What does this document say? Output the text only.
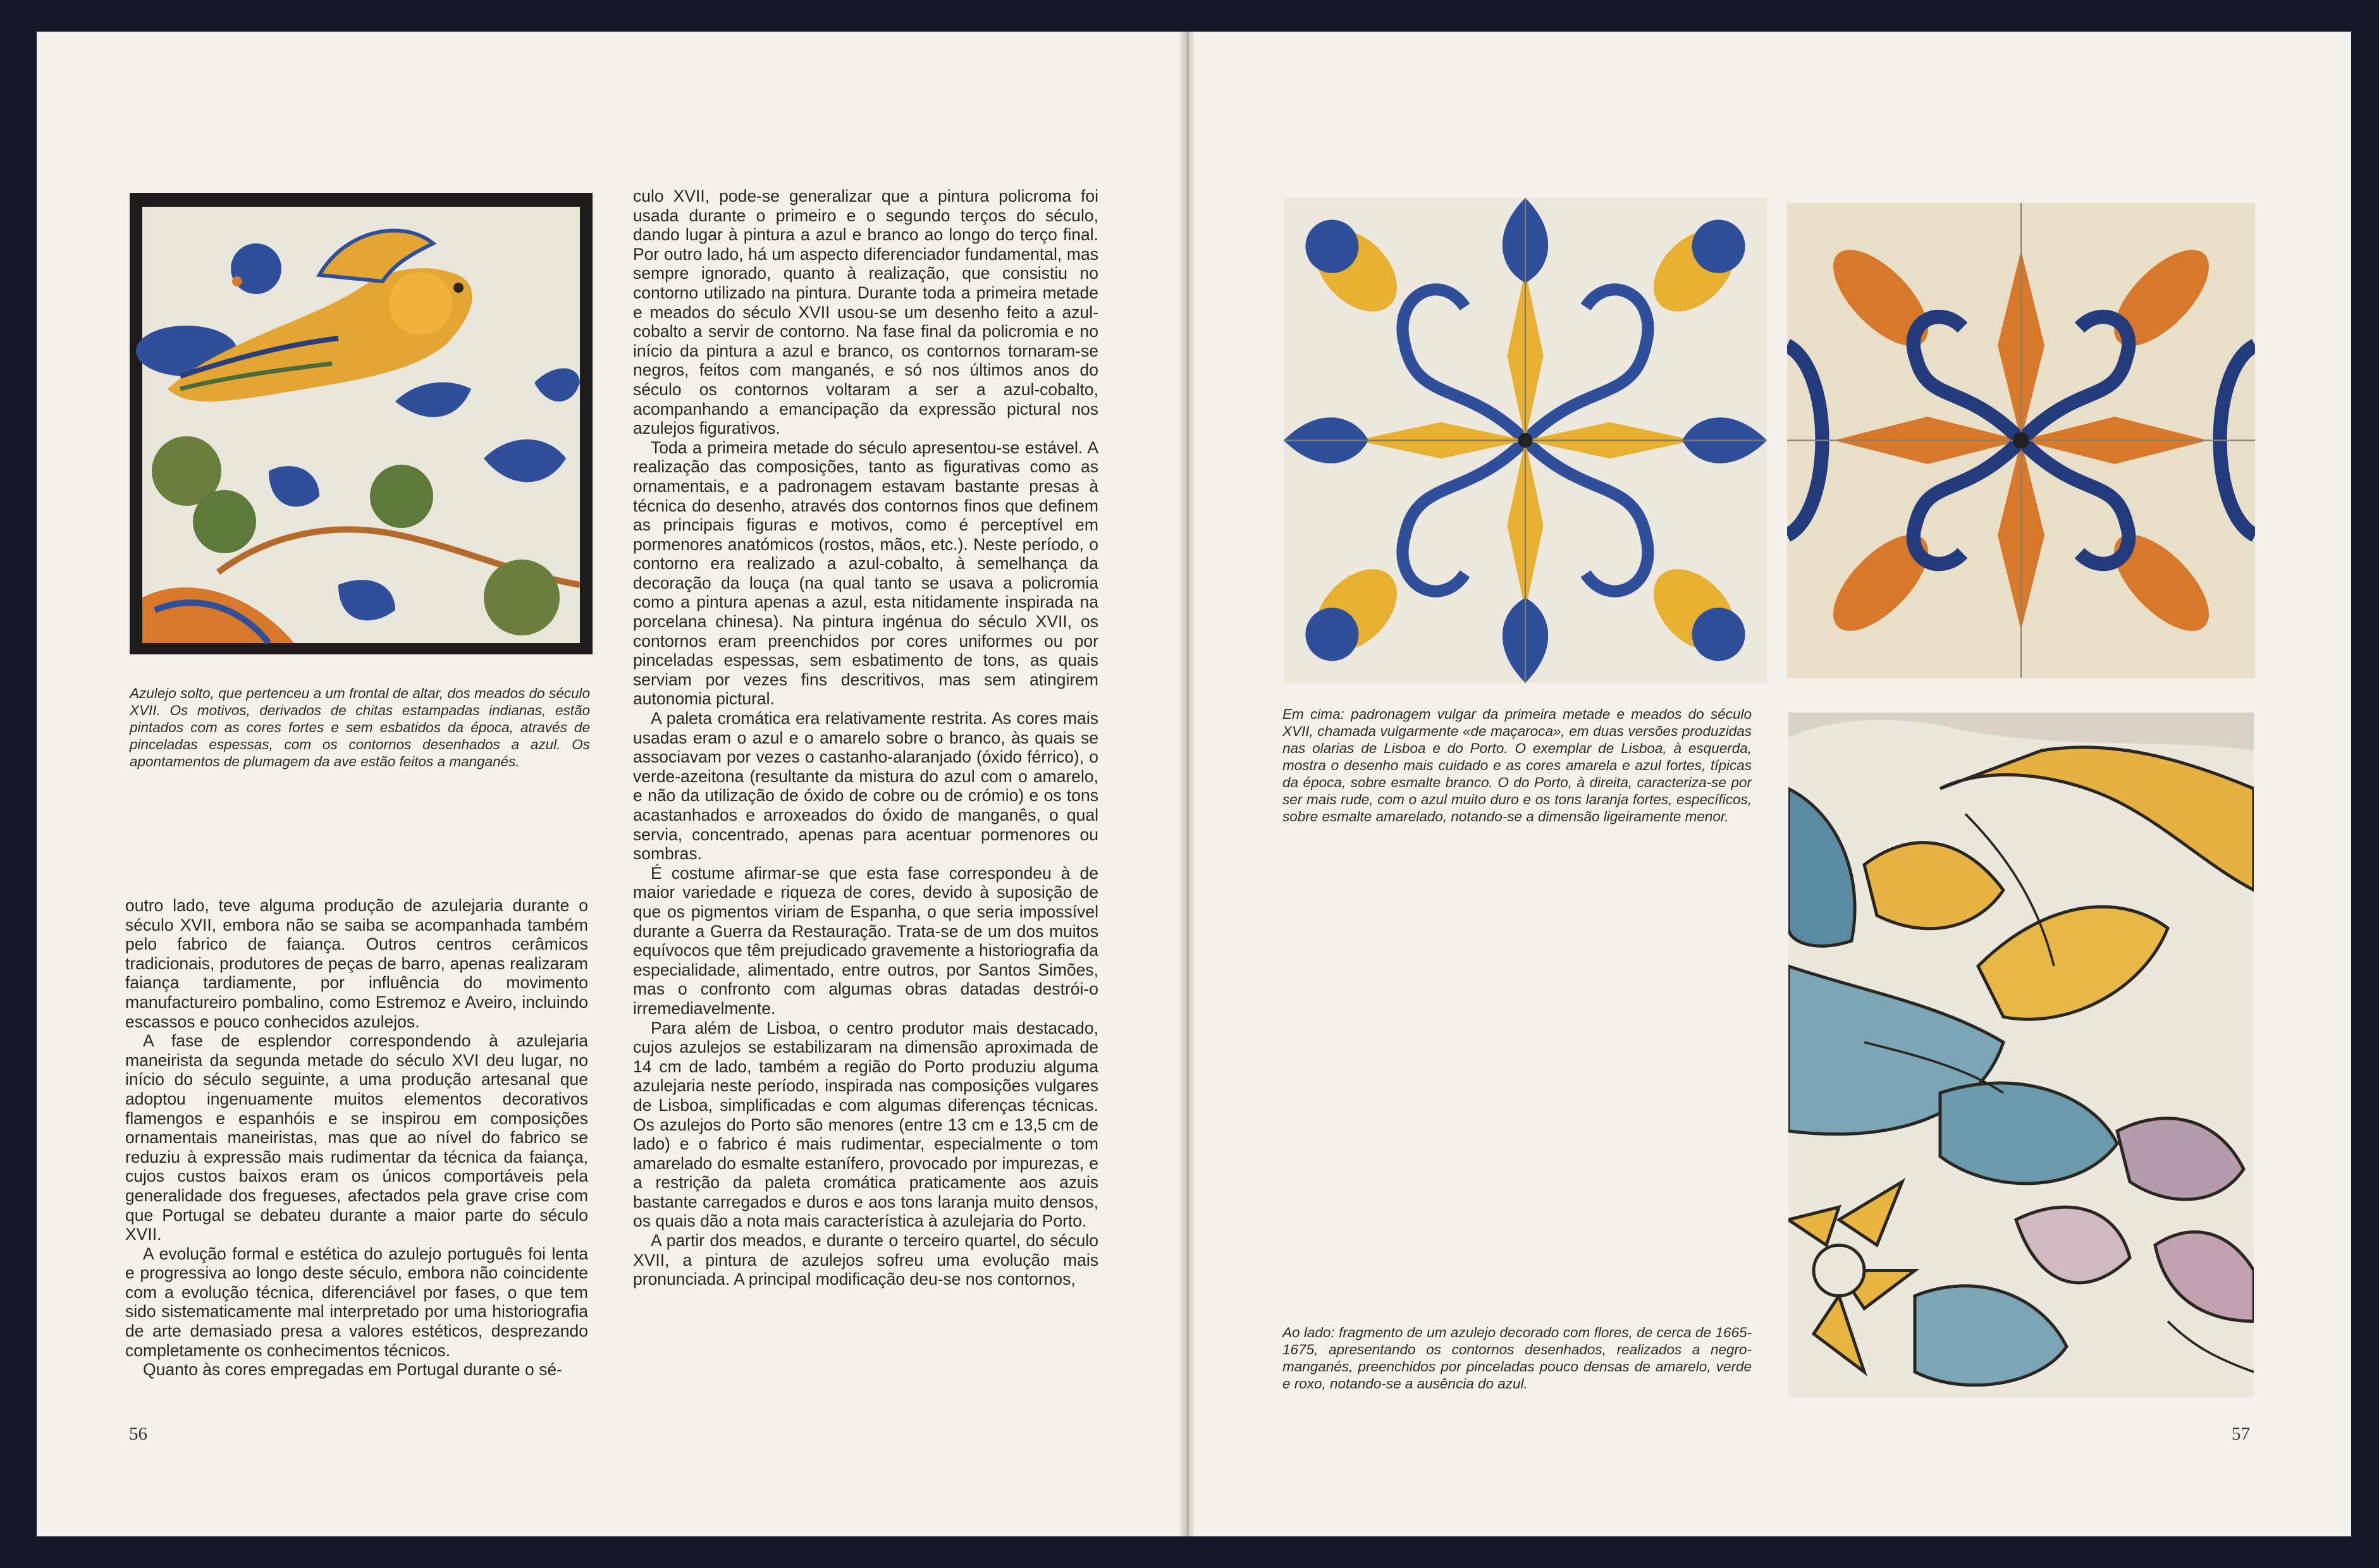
Azulejo solto, que pertenceu a um frontal de altar, dos meados do século XVII. Os motivos, derivados de chitas estampadas indianas, estão pintados com as cores fortes e sem esbatidos da época, através de pinceladas espessas, com os contornos desenhados a azul. Os apontamentos de plumagem da ave estão feitos a manganés.

outro lado, teve alguma produção de azulejaria durante o século XVII, embora não se saiba se acompanhada também pelo fabrico de faiança. Outros centros cerâmicos tradicionais, produtores de peças de barro, apenas realizaram faiança tardiamente, por influência do movimento manufactureiro pombalino, como Estremoz e Aveiro, incluindo escassos e pouco conhecidos azulejos.

A fase de esplendor correspondendo à azulejaria maneirista da segunda metade do século XVI deu lugar, no início do século seguinte, a uma produção artesanal que adoptou ingenuamente muitos elementos decorativos flamengos e espanhóis e se inspirou em composições ornamentais maneiristas, mas que ao nível do fabrico se reduziu à expressão mais rudimentar da técnica da faiança, cujos custos baixos eram os únicos comportáveis pela generalidade dos fregueses, afectados pela grave crise com que Portugal se debateu durante a maior parte do século XVII.

A evolução formal e estética do azulejo português foi lenta e progressiva ao longo deste século, embora não coincidente com a evolução técnica, diferenciável por fases, o que tem sido sistematicamente mal interpretado por uma historiografia de arte demasiado presa a valores estéticos, desprezando completamente os conhecimentos técnicos.

Quanto às cores empregadas em Portugal durante o sé-

culo XVII, pode-se generalizar que a pintura policroma foi usada durante o primeiro e o segundo terços do século, dando lugar à pintura a azul e branco ao longo do terço final. Por outro lado, há um aspecto diferenciador fundamental, mas sempre ignorado, quanto à realização, que consistiu no contorno utilizado na pintura. Durante toda a primeira metade e meados do século XVII usou-se um desenho feito a azul-cobalto a servir de contorno. Na fase final da policromia e no início da pintura a azul e branco, os contornos tornaram-se negros, feitos com manganés, e só nos últimos anos do século os contornos voltaram a ser a azul-cobalto, acompanhando a emancipação da expressão pictural nos azulejos figurativos.

Toda a primeira metade do século apresentou-se estável. A realização das composições, tanto as figurativas como as ornamentais, e a padronagem estavam bastante presas à técnica do desenho, através dos contornos finos que definem as principais figuras e motivos, como é perceptível em pormenores anatómicos (rostos, mãos, etc.). Neste período, o contorno era realizado a azul-cobalto, à semelhança da decoração da louça (na qual tanto se usava a policromia como a pintura apenas a azul, esta nitidamente inspirada na porcelana chinesa). Na pintura ingénua do século XVII, os contornos eram preenchidos por cores uniformes ou por pinceladas espessas, sem esbatimento de tons, as quais serviam por vezes fins descritivos, mas sem atingirem autonomia pictural.

A paleta cromática era relativamente restrita. As cores mais usadas eram o azul e o amarelo sobre o branco, às quais se associavam por vezes o castanho-alaranjado (óxido férrico), o verde-azeitona (resultante da mistura do azul com o amarelo, e não da utilização de óxido de cobre ou de crómio) e os tons acastanhados e arroxeados do óxido de manganês, o qual servia, concentrado, apenas para acentuar pormenores ou sombras.

É costume afirmar-se que esta fase correspondeu à de maior variedade e riqueza de cores, devido à suposição de que os pigmentos viriam de Espanha, o que seria impossível durante a Guerra da Restauração. Trata-se de um dos muitos equívocos que têm prejudicado gravemente a historiografia da especialidade, alimentado, entre outros, por Santos Simões, mas o confronto com algumas obras datadas destrói-o irremediavelmente.

Para além de Lisboa, o centro produtor mais destacado, cujos azulejos se estabilizaram na dimensão aproximada de 14 cm de lado, também a região do Porto produziu alguma azulejaria neste período, inspirada nas composições vulgares de Lisboa, simplificadas e com algumas diferenças técnicas. Os azulejos do Porto são menores (entre 13 cm e 13,5 cm de lado) e o fabrico é mais rudimentar, especialmente o tom amarelado do esmalte estanífero, provocado por impurezas, e a restrição da paleta cromática praticamente aos azuis bastante carregados e duros e aos tons laranja muito densos, os quais dão a nota mais característica à azulejaria do Porto.

A partir dos meados, e durante o terceiro quartel, do século XVII, a pintura de azulejos sofreu uma evolução mais pronunciada. A principal modificação deu-se nos contornos,

56

Em cima: padronagem vulgar da primeira metade e meados do século XVII, chamada vulgarmente «de maçaroca», em duas versões produzidas nas olarias de Lisboa e do Porto. O exemplar de Lisboa, à esquerda, mostra o desenho mais cuidado e as cores amarela e azul fortes, típicas da época, sobre esmalte branco. O do Porto, à direita, caracteriza-se por ser mais rude, com o azul muito duro e os tons laranja fortes, específicos, sobre esmalte amarelado, notando-se a dimensão ligeiramente menor.

Ao lado: fragmento de um azulejo decorado com flores, de cerca de 1665-1675, apresentando os contornos desenhados, realizados a negro-manganés, preenchidos por pinceladas pouco densas de amarelo, verde e roxo, notando-se a ausência do azul.

57
